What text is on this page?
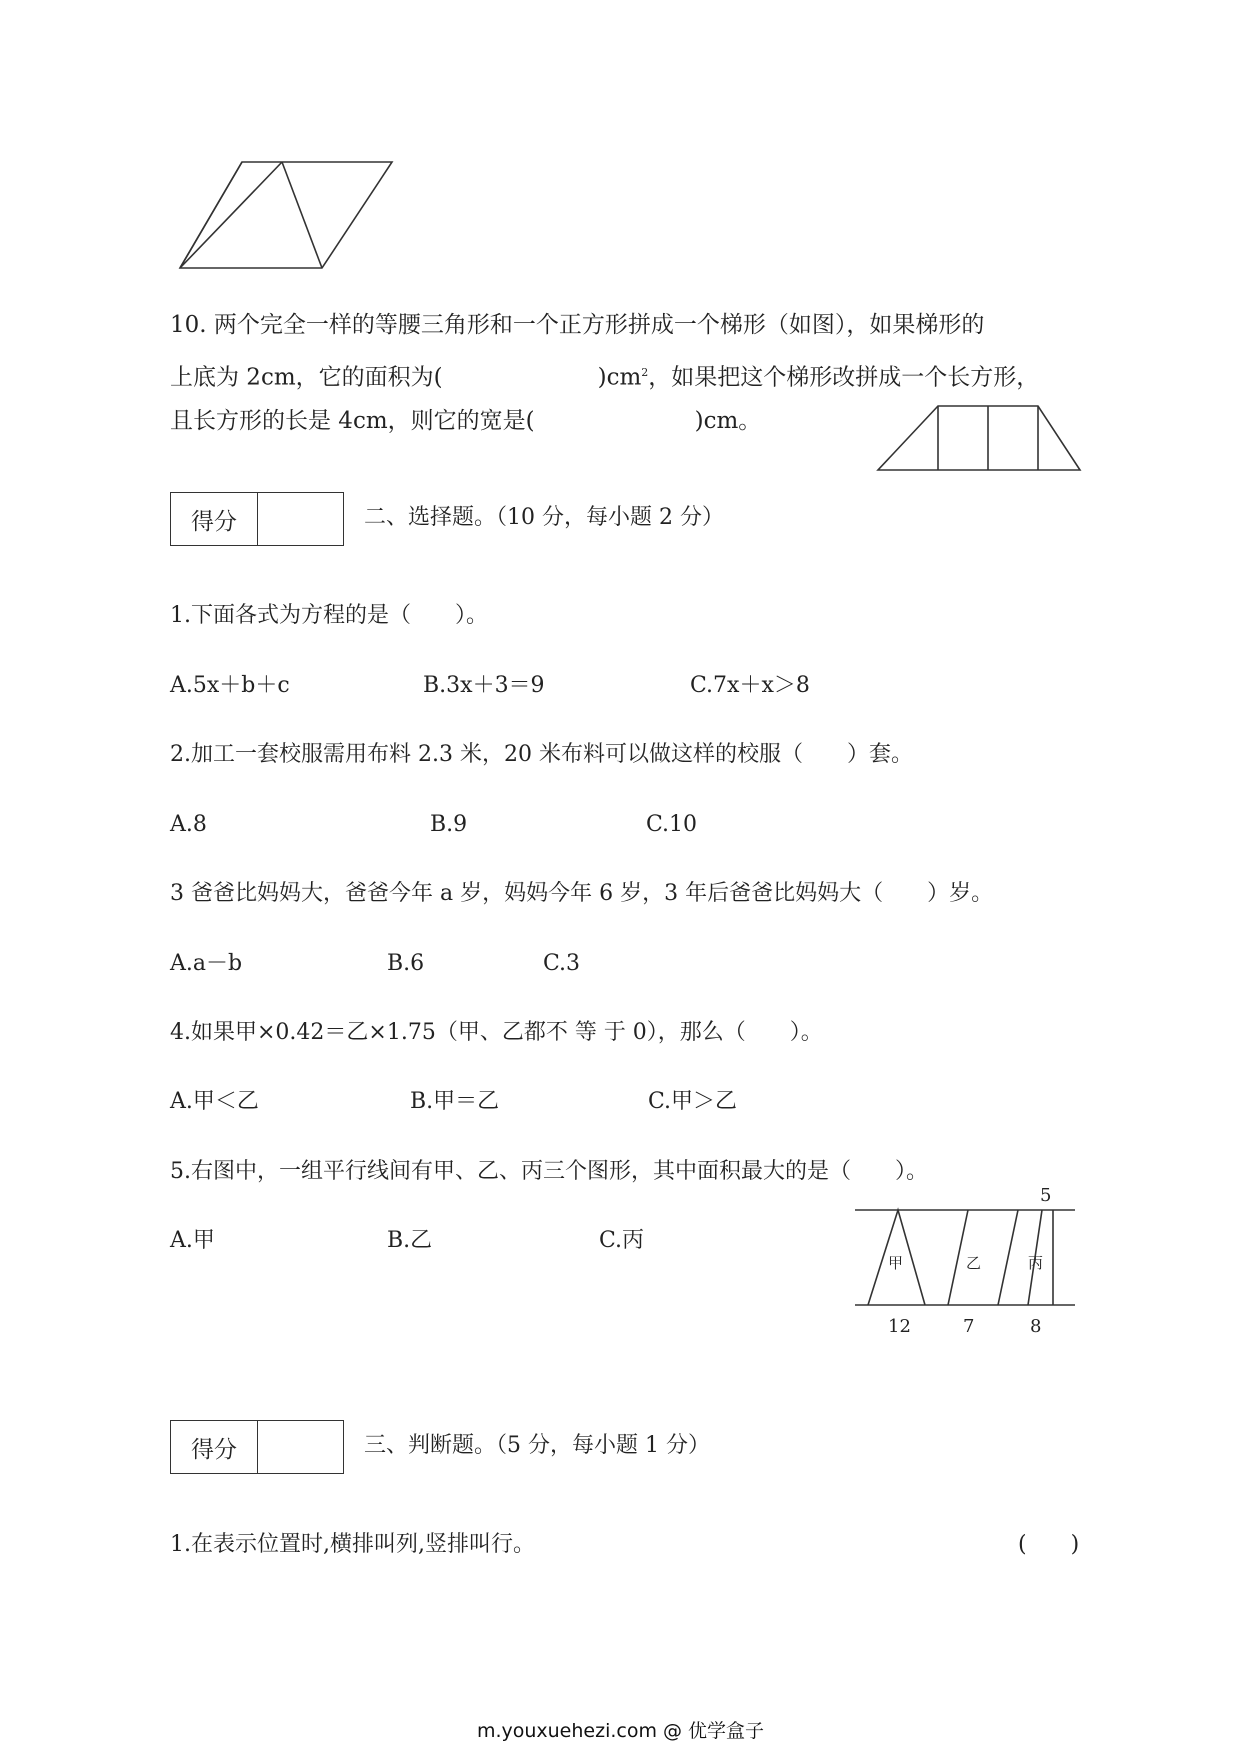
10. 两个完全一样的等腰三角形和一个正方形拼成一个梯形（如图），如果梯形的
上底为 2cm，它的面积为(	)$cm^2$，如果把这个梯形改拼成一个长方形，
且长方形的长是 4cm，则它的宽是(	)cm。
得分	二、选择题。（10 分，每小题 2 分）
1.下面各式为方程的是（　　）。
A.5x＋b＋c	B.3x＋3＝9	C.7x＋x＞8
2.加工一套校服需用布料 2.3 米，20 米布料可以做这样的校服（　　）套。
A.8	B.9	C.10
3 爸爸比妈妈大，爸爸今年 a 岁，妈妈今年 6 岁，3 年后爸爸比妈妈大（　　）岁。
A.a－b	B.6	C.3
4.如果甲×0.42＝乙×1.75（甲、乙都不 等 于 0），那么（　　）。
A.甲＜乙	B.甲＝乙	C.甲＞乙
5.右图中，一组平行线间有甲、乙、丙三个图形，其中面积最大的是（　　）。
A.甲	B.乙	C.丙
5
甲	乙	丙
12	7	8
得分	三、判断题。（5 分，每小题 1 分）
1.在表示位置时,横排叫列,竖排叫行。	(　　)
m.youxuehezi.com @ 优学盒子
